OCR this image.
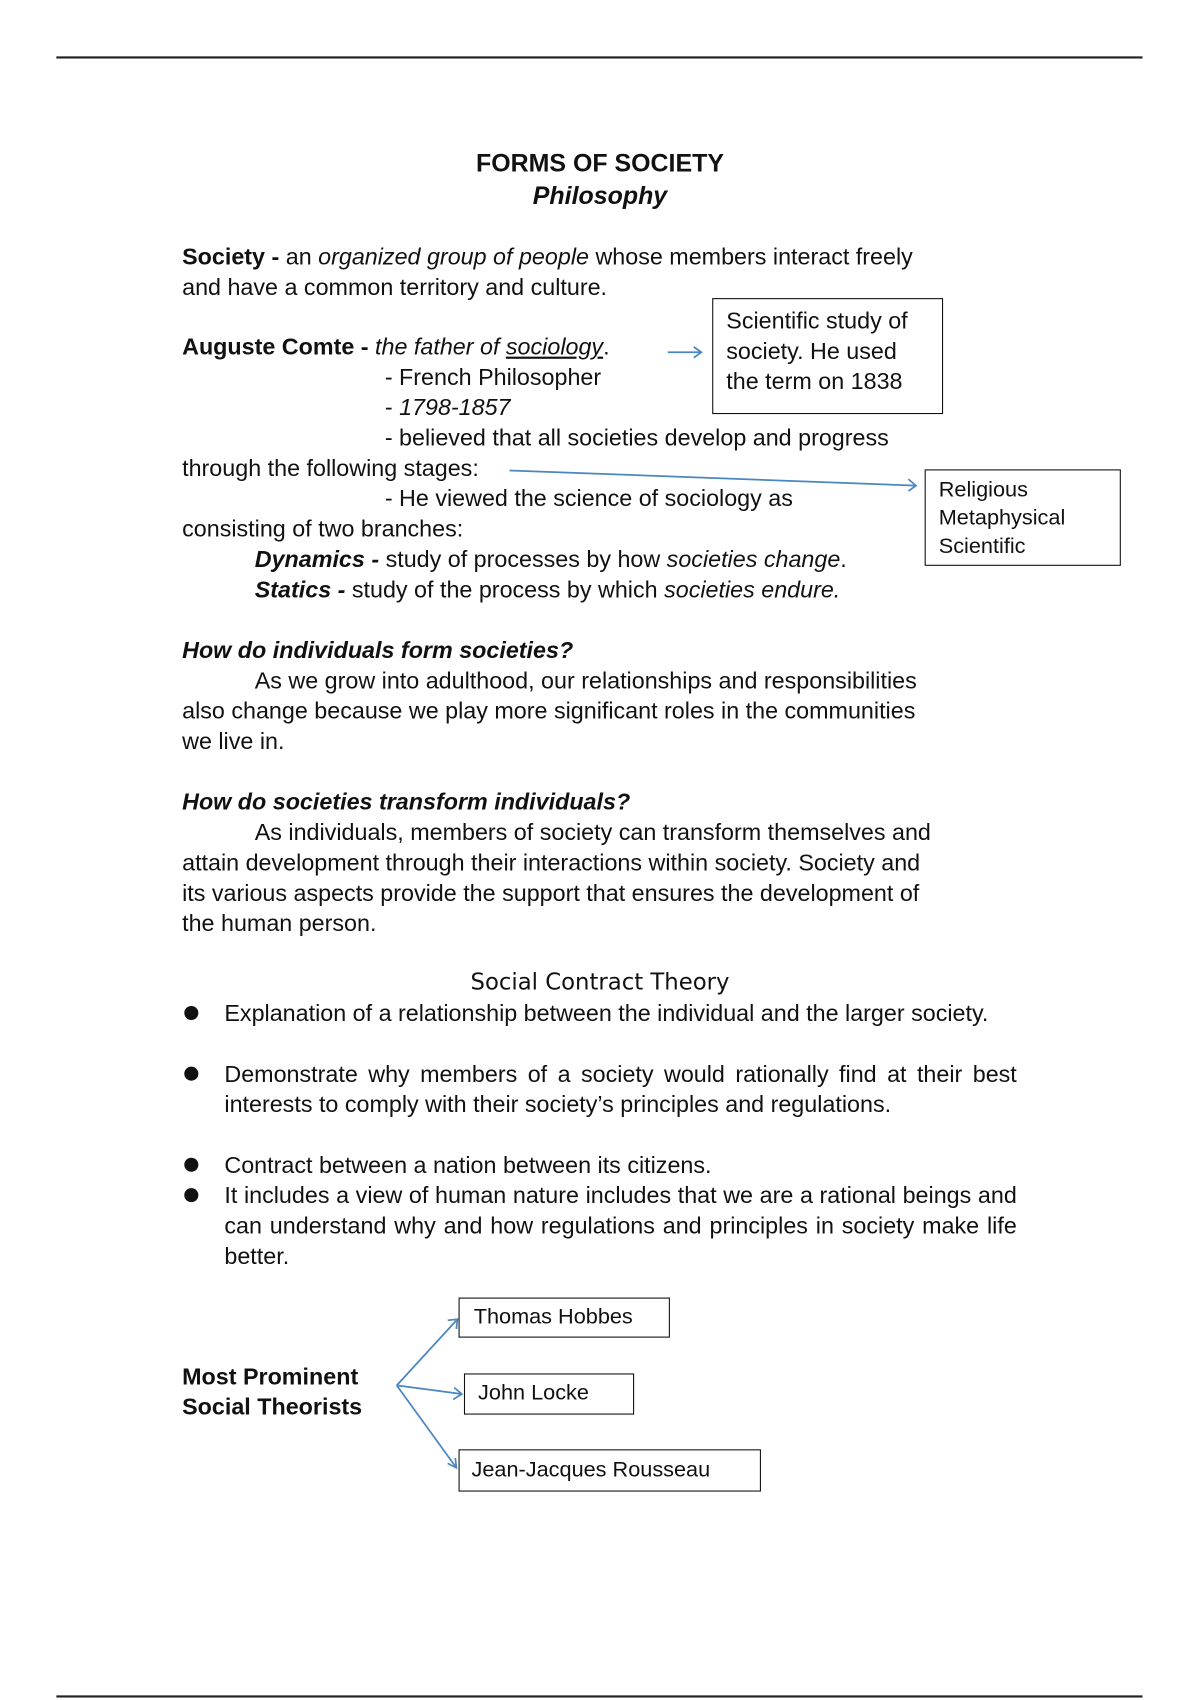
FORMS OF SOCIETY
Philosophy
Society - an organized group of people whose members interact freely
and have a common territory and culture.
Auguste Comte - the father of sociology.
- French Philosopher
- 1798-1857
- believed that all societies develop and progress
through the following stages:
- He viewed the science of sociology as
consisting of two branches:
Dynamics - study of processes by how societies change.
Statics - study of the process by which societies endure.
Scientific study of
society. He used
the term on 1838
Religious
Metaphysical
Scientific
How do individuals form societies?
As we grow into adulthood, our relationships and responsibilities
also change because we play more significant roles in the communities
we live in.
How do societies transform individuals?
As individuals, members of society can transform themselves and
attain development through their interactions within society. Society and
its various aspects provide the support that ensures the development of
the human person.
Social Contract Theory
Explanation of a relationship between the individual and the larger society.
Demonstrate why members of a society would rationally find at their best interests to comply with their society’s principles and regulations.
Contract between a nation between its citizens.
It includes a view of human nature includes that we are a rational beings and can understand why and how regulations and principles in society make life better.
Most Prominent
Social Theorists
Thomas Hobbes
John Locke
Jean-Jacques Rousseau
